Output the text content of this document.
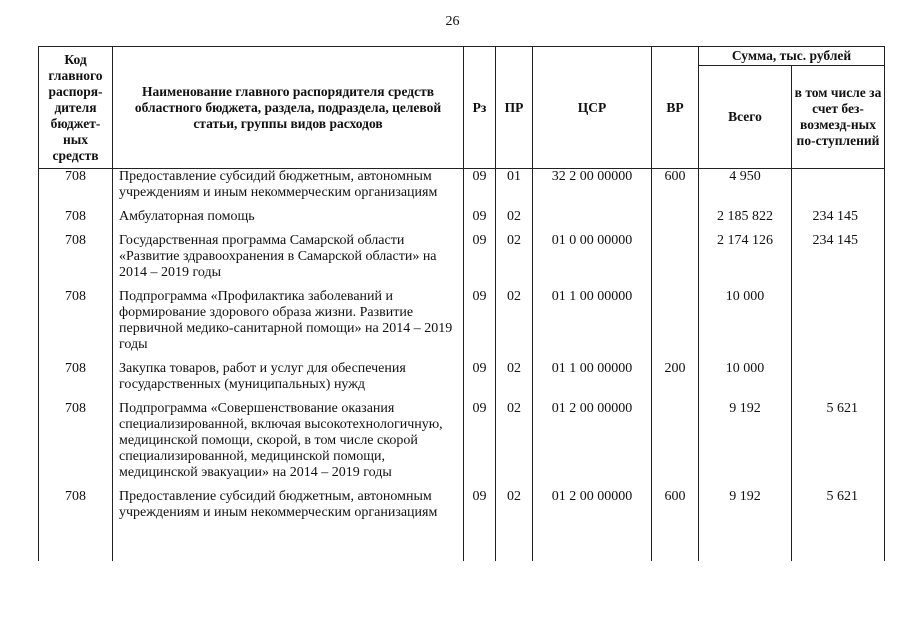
26
Код главного распоря-дителя бюджет-ных средств	Наименование главного распорядителя средств областного бюджета, раздела, подраздела, целевой статьи, группы видов расходов	Рз	ПР	ЦСР	ВР	Сумма, тыс. рублей	
						Всего	в том числе за счет без-возмезд-ных по-ступлений
708	Предоставление субсидий бюджетным, автономным учреждениям и иным некоммерческим организациям	09	01	32 2 00 00000	600	4 950	

708	Амбулаторная помощь	09	02			2 185 822	234 145

708	Государственная программа Самарской области «Развитие здравоохранения в Самарской области» на 2014 – 2019 годы	09	02	01 0 00 00000		2 174 126	234 145

708	Подпрограмма «Профилактика заболеваний и формирование здорового образа жизни. Развитие первичной медико-санитарной помощи» на 2014 – 2019 годы	09	02	01 1 00 00000		10 000	

708	Закупка товаров, работ и услуг для обеспечения государственных (муниципальных) нужд	09	02	01 1 00 00000	200	10 000	

708	Подпрограмма «Совершенствование оказания специализированной, включая высокотехнологичную, медицинской помощи, скорой, в том числе скорой специализированной, медицинской помощи, медицинской эвакуации» на 2014 – 2019 годы	09	02	01 2 00 00000		9 192	5 621

708	Предоставление субсидий бюджетным, автономным учреждениям и иным некоммерческим организациям	09	02	01 2 00 00000	600	9 192	5 621
